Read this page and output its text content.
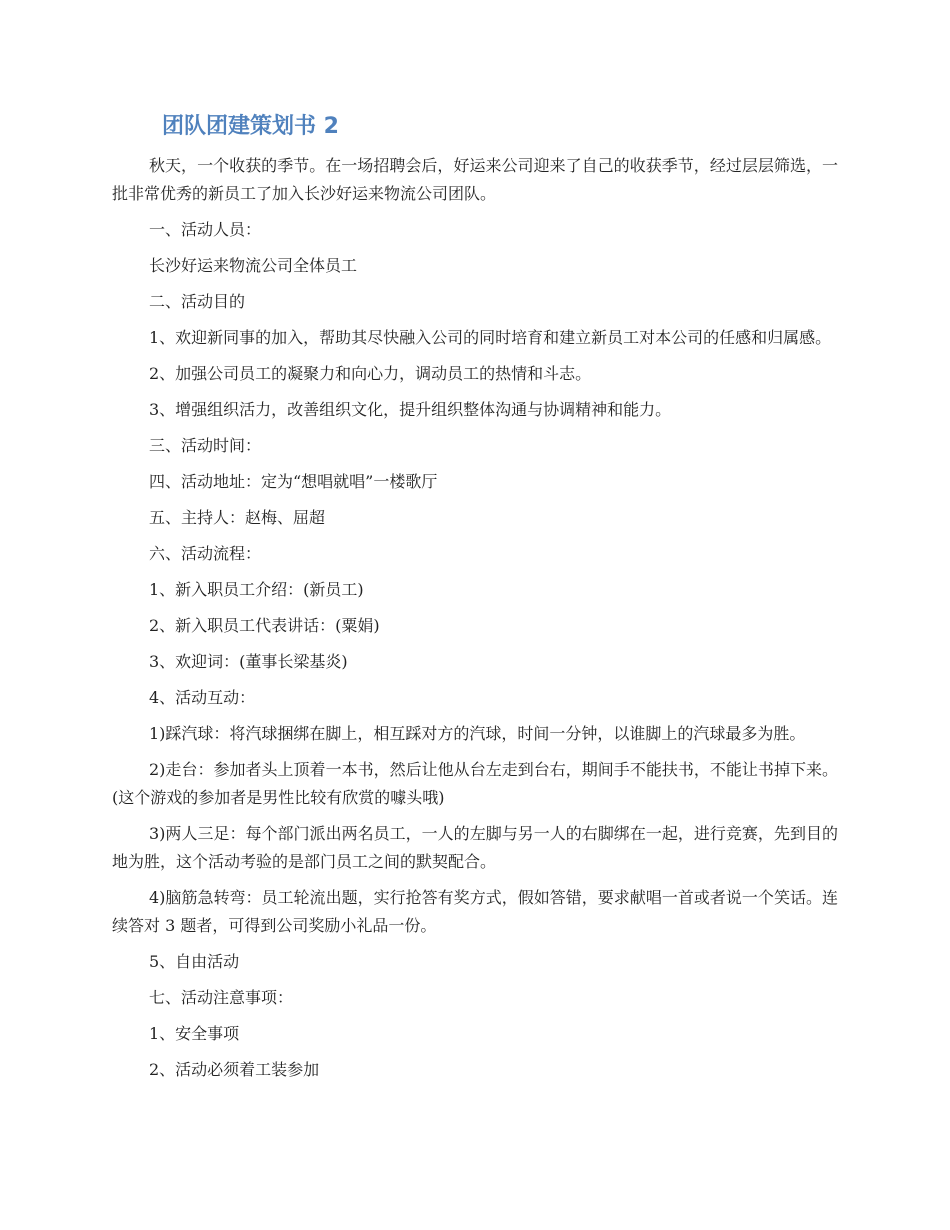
团队团建策划书 2

秋天，一个收获的季节。在一场招聘会后，好运来公司迎来了自己的收获季节，经过层层筛选，一批非常优秀的新员工了加入长沙好运来物流公司团队。

一、活动人员：

长沙好运来物流公司全体员工

二、活动目的

1、欢迎新同事的加入，帮助其尽快融入公司的同时培育和建立新员工对本公司的任感和归属感。

2、加强公司员工的凝聚力和向心力，调动员工的热情和斗志。

3、增强组织活力，改善组织文化，提升组织整体沟通与协调精神和能力。

三、活动时间：

四、活动地址：定为“想唱就唱”一楼歌厅

五、主持人：赵梅、屈超

六、活动流程：

1、新入职员工介绍：(新员工)

2、新入职员工代表讲话：(粟娟)

3、欢迎词：(董事长梁基炎)

4、活动互动：

1)踩汽球：将汽球捆绑在脚上，相互踩对方的汽球，时间一分钟，以谁脚上的汽球最多为胜。

2)走台：参加者头上顶着一本书，然后让他从台左走到台右，期间手不能扶书，不能让书掉下来。(这个游戏的参加者是男性比较有欣赏的噱头哦)

3)两人三足：每个部门派出两名员工，一人的左脚与另一人的右脚绑在一起，进行竞赛，先到目的地为胜，这个活动考验的是部门员工之间的默契配合。

4)脑筋急转弯：员工轮流出题，实行抢答有奖方式，假如答错，要求献唱一首或者说一个笑话。连续答对 3 题者，可得到公司奖励小礼品一份。

5、自由活动

七、活动注意事项：

1、安全事项

2、活动必须着工装参加
